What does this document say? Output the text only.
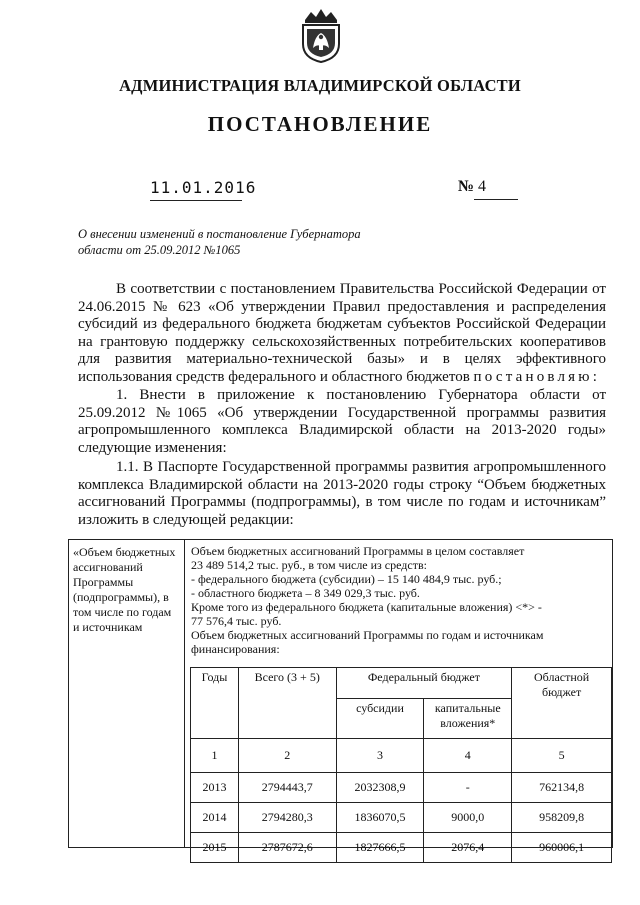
АДМИНИСТРАЦИЯ ВЛАДИМИРСКОЙ ОБЛАСТИ
ПОСТАНОВЛЕНИЕ
11.01.2016	№ 4
О внесении изменений в постановление Губернатора
области от 25.09.2012 №1065
В соответствии с постановлением Правительства Российской Федерации от 24.06.2015 № 623 «Об утверждении Правил предоставления и распределения субсидий из федерального бюджета бюджетам субъектов Российской Федерации на грантовую поддержку сельскохозяйственных потребительских кооперативов для развития материально-технической базы» и в целях эффективного использования средств федерального и областного бюджетов постановляю:
1. Внести в приложение к постановлению Губернатора области от 25.09.2012 №1065 «Об утверждении Государственной программы развития агропромышленного комплекса Владимирской области на 2013-2020 годы» следующие изменения:
1.1. В Паспорте Государственной программы развития агропромышленного комплекса Владимирской области на 2013-2020 годы строку “Объем бюджетных ассигнований Программы (подпрограммы), в том числе по годам и источникам” изложить в следующей редакции:
«Объем бюджетных ассигнований Программы (подпрограммы), в том числе по годам и источникам
Объем бюджетных ассигнований Программы в целом составляет
23 489 514,2 тыс. руб., в том числе из средств:
- федерального бюджета (субсидии) – 15 140 484,9 тыс. руб.;
- областного бюджета – 8 349 029,3 тыс. руб.
Кроме того из федерального бюджета (капитальные вложения) <*> -
77 576,4 тыс. руб.
Объем бюджетных ассигнований Программы по годам и источникам
финансирования:
Годы	Всего (3 + 5)	Федеральный бюджет		Областной бюджет
		субсидии	капитальные вложения*	
1	2	3	4	5
2013	2794443,7	2032308,9	-	762134,8
2014	2794280,3	1836070,5	9000,0	958209,8
2015	2787672,6	1827666,5	2076,4	960006,1
